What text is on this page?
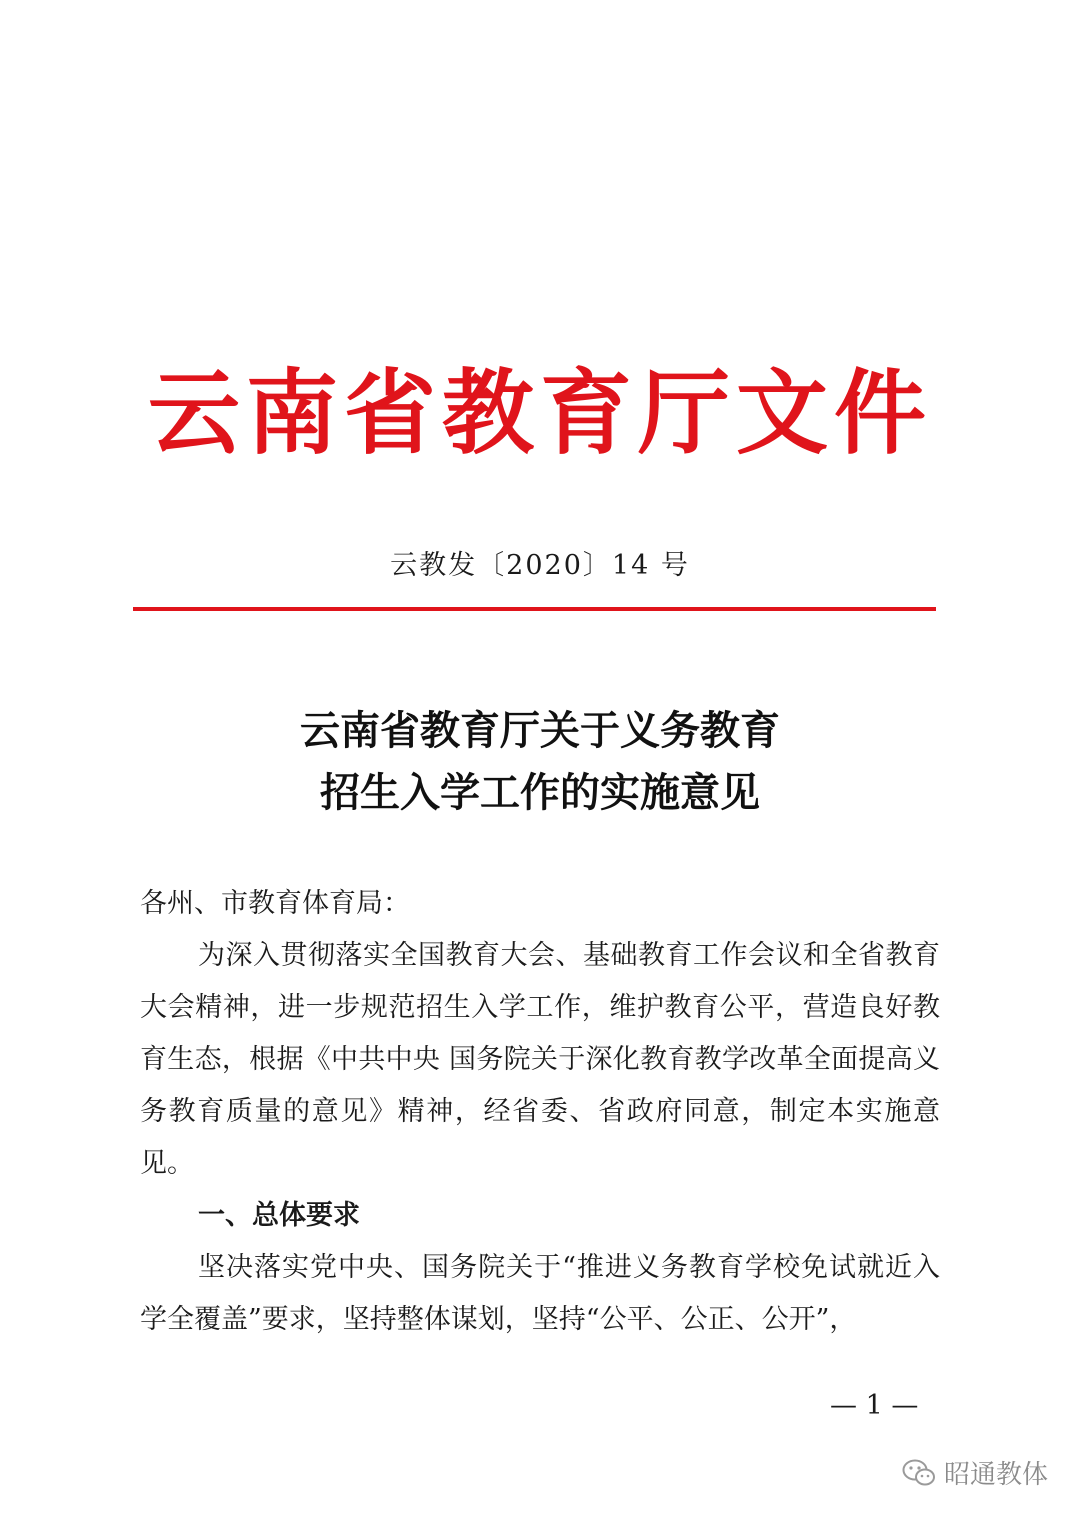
云南省教育厅文件
云教发〔2020〕14 号
云南省教育厅关于义务教育
招生入学工作的实施意见

各州、市教育体育局：

为深入贯彻落实全国教育大会、基础教育工作会议和全省教育大会精神，进一步规范招生入学工作，维护教育公平，营造良好教育生态，根据《中共中央 国务院关于深化教育教学改革全面提高义务教育质量的意见》精神，经省委、省政府同意，制定本实施意见。

一、总体要求

坚决落实党中央、国务院关于“推进义务教育学校免试就近入学全覆盖”要求，坚持整体谋划，坚持“公平、公正、公开”，

— 1 —
昭通教体
